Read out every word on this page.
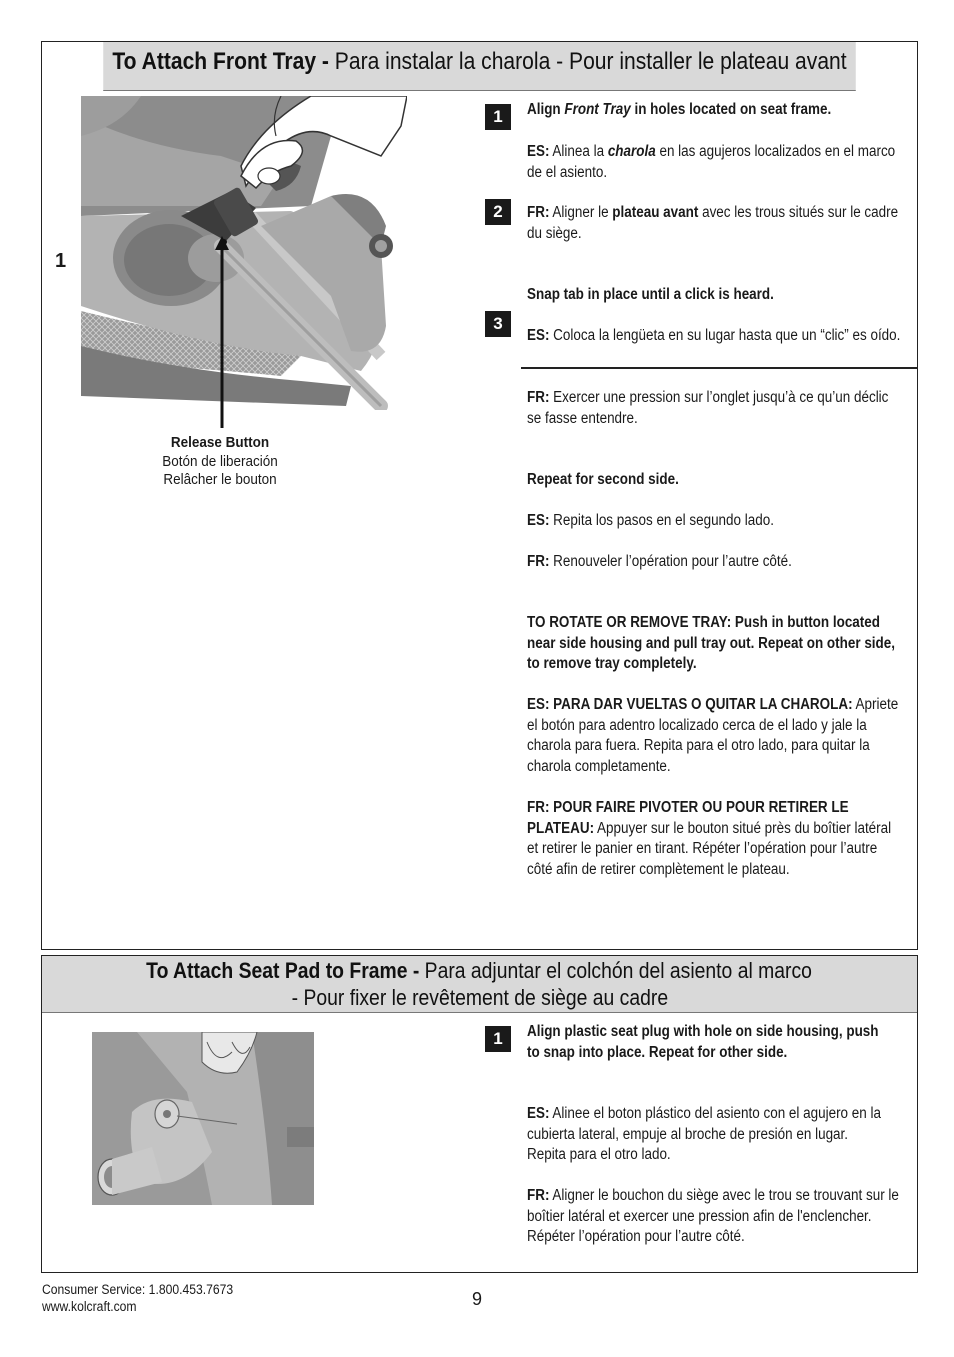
To Attach Front Tray - Para instalar la charola - Pour installer le plateau avant
1
Release Button
Botón de liberación
Relâcher le bouton
1
2
3
Align Front Tray in holes located on seat frame.
ES: Alinea la charola en las agujeros localizados en el marco de el asiento.
FR: Aligner le plateau avant avec les trous situés sur le cadre du siège.
Snap tab in place until a click is heard.
ES: Coloca la lengüeta en su lugar hasta que un “clic” es oído.
FR: Exercer une pression sur l’onglet jusqu’à ce qu’un déclic se fasse entendre.
Repeat for second side.
ES: Repita los pasos en el segundo lado.
FR: Renouveler l’opération pour l’autre côté.
TO ROTATE OR REMOVE TRAY: Push in button located near side housing and pull tray out. Repeat on other side, to remove tray completely.
ES: PARA DAR VUELTAS O QUITAR LA CHAROLA: Apriete el botón para adentro localizado cerca de el lado y jale la charola para fuera. Repita para el otro lado, para quitar la charola completamente.
FR: POUR FAIRE PIVOTER OU POUR RETIRER LE PLATEAU: Appuyer sur le bouton situé près du boîtier latéral et retirer le panier en tirant. Répéter l’opération pour l’autre côté afin de retirer complètement le plateau.
To Attach Seat Pad to Frame - Para adjuntar el colchón del asiento al marco
- Pour fixer le revêtement de siège au cadre
1	Align plastic seat plug with hole on side housing, push to snap into place. Repeat for other side.
ES: Alinee el boton plástico del asiento con el agujero en la cubierta lateral, empuje al broche de presión en lugar. Repita para el otro lado.
FR: Aligner le bouchon du siège avec le trou se trouvant sur le boîtier latéral et exercer une pression afin de l'enclencher. Répéter l’opération pour l’autre côté.
Consumer Service: 1.800.453.7673
www.kolcraft.com	9
